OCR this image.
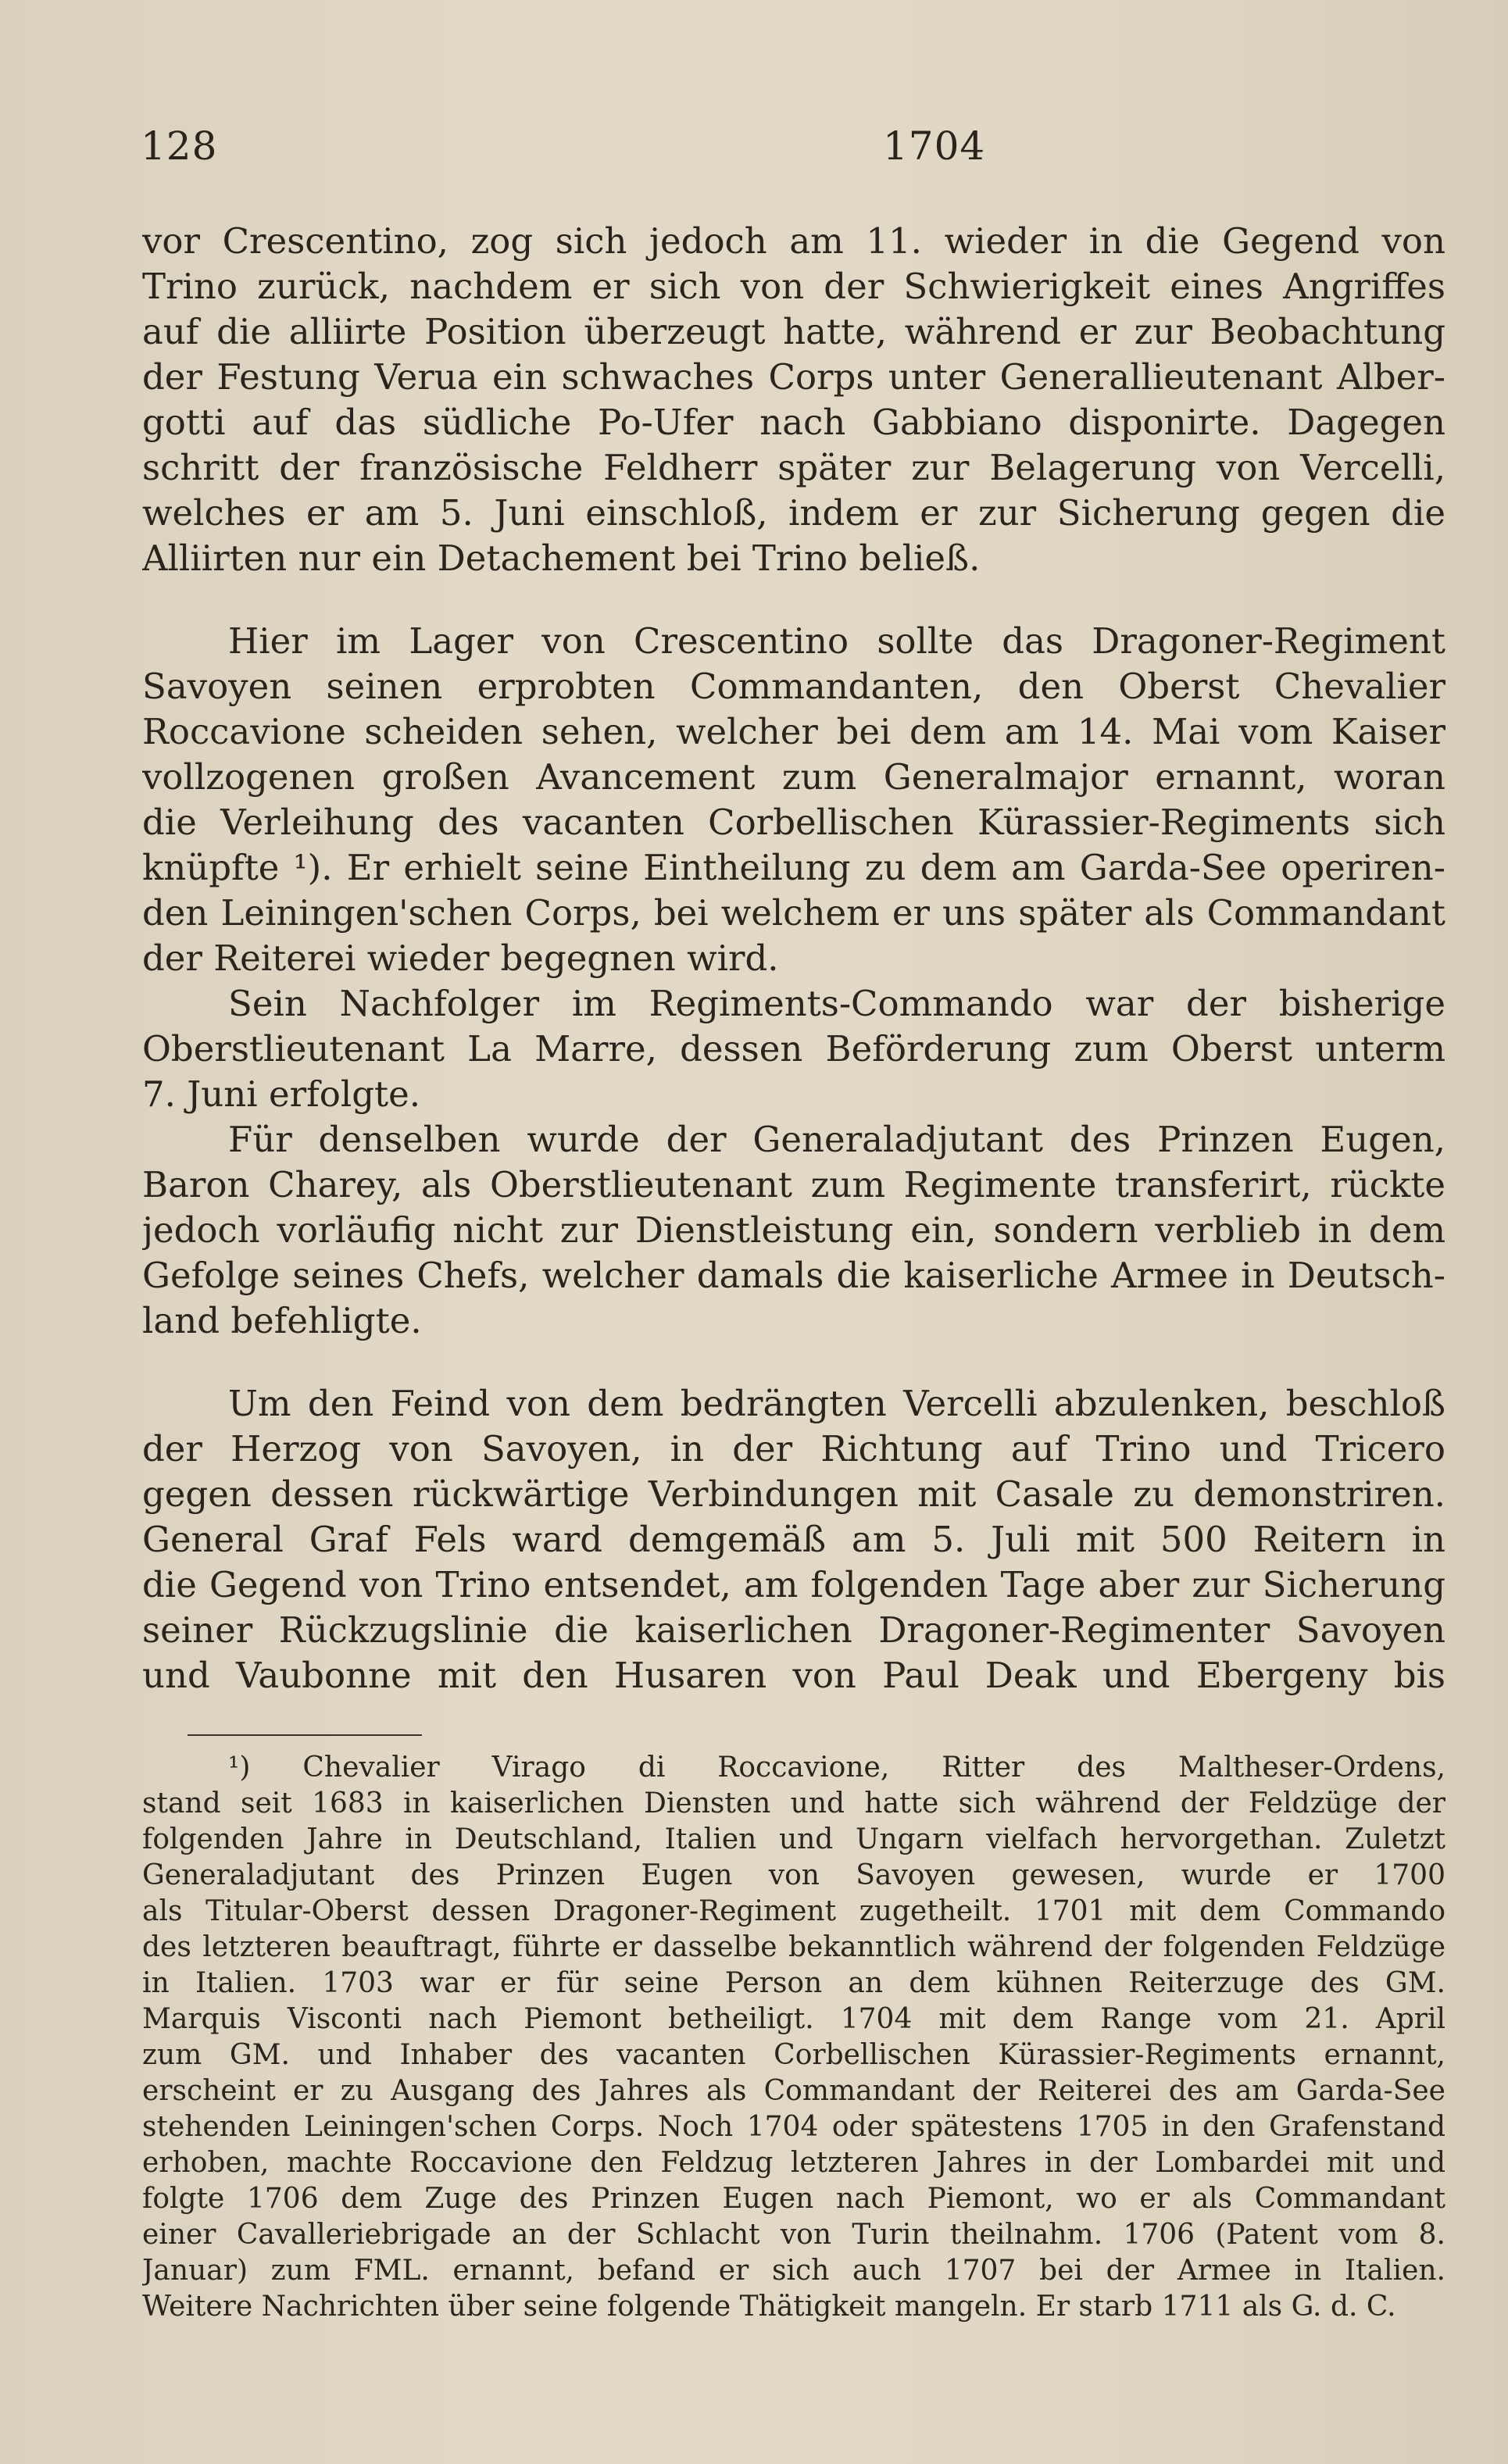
128	1704
vor Crescentino, zog sich jedoch am 11. wieder in die Gegend von
Trino zurück, nachdem er sich von der Schwierigkeit eines Angriffes
auf die alliirte Position überzeugt hatte, während er zur Beobachtung
der Festung Verua ein schwaches Corps unter Generallieutenant Alber-
gotti auf das südliche Po-Ufer nach Gabbiano disponirte. Dagegen
schritt der französische Feldherr später zur Belagerung von Vercelli,
welches er am 5. Juni einschloß, indem er zur Sicherung gegen die
Alliirten nur ein Detachement bei Trino beließ.
Hier im Lager von Crescentino sollte das Dragoner-Regiment
Savoyen seinen erprobten Commandanten, den Oberst Chevalier
Roccavione scheiden sehen, welcher bei dem am 14. Mai vom Kaiser
vollzogenen großen Avancement zum Generalmajor ernannt, woran
die Verleihung des vacanten Corbellischen Kürassier-Regiments sich
knüpfte ¹). Er erhielt seine Eintheilung zu dem am Garda-See operiren-
den Leiningen'schen Corps, bei welchem er uns später als Commandant
der Reiterei wieder begegnen wird.
Sein Nachfolger im Regiments-Commando war der bisherige
Oberstlieutenant La Marre, dessen Beförderung zum Oberst unterm
7. Juni erfolgte.
Für denselben wurde der Generaladjutant des Prinzen Eugen,
Baron Charey, als Oberstlieutenant zum Regimente transferirt, rückte
jedoch vorläufig nicht zur Dienstleistung ein, sondern verblieb in dem
Gefolge seines Chefs, welcher damals die kaiserliche Armee in Deutsch-
land befehligte.
Um den Feind von dem bedrängten Vercelli abzulenken, beschloß
der Herzog von Savoyen, in der Richtung auf Trino und Tricero
gegen dessen rückwärtige Verbindungen mit Casale zu demonstriren.
General Graf Fels ward demgemäß am 5. Juli mit 500 Reitern in
die Gegend von Trino entsendet, am folgenden Tage aber zur Sicherung
seiner Rückzugslinie die kaiserlichen Dragoner-Regimenter Savoyen
und Vaubonne mit den Husaren von Paul Deak und Ebergeny bis
¹) Chevalier Virago di Roccavione, Ritter des Maltheser-Ordens,
stand seit 1683 in kaiserlichen Diensten und hatte sich während der Feldzüge der
folgenden Jahre in Deutschland, Italien und Ungarn vielfach hervorgethan. Zuletzt
Generaladjutant des Prinzen Eugen von Savoyen gewesen, wurde er 1700
als Titular-Oberst dessen Dragoner-Regiment zugetheilt. 1701 mit dem Commando
des letzteren beauftragt, führte er dasselbe bekanntlich während der folgenden Feldzüge
in Italien. 1703 war er für seine Person an dem kühnen Reiterzuge des GM.
Marquis Visconti nach Piemont betheiligt. 1704 mit dem Range vom 21. April
zum GM. und Inhaber des vacanten Corbellischen Kürassier-Regiments ernannt,
erscheint er zu Ausgang des Jahres als Commandant der Reiterei des am Garda-See
stehenden Leiningen'schen Corps. Noch 1704 oder spätestens 1705 in den Grafenstand
erhoben, machte Roccavione den Feldzug letzteren Jahres in der Lombardei mit und
folgte 1706 dem Zuge des Prinzen Eugen nach Piemont, wo er als Commandant
einer Cavalleriebrigade an der Schlacht von Turin theilnahm. 1706 (Patent vom 8.
Januar) zum FML. ernannt, befand er sich auch 1707 bei der Armee in Italien.
Weitere Nachrichten über seine folgende Thätigkeit mangeln. Er starb 1711 als G. d. C.
